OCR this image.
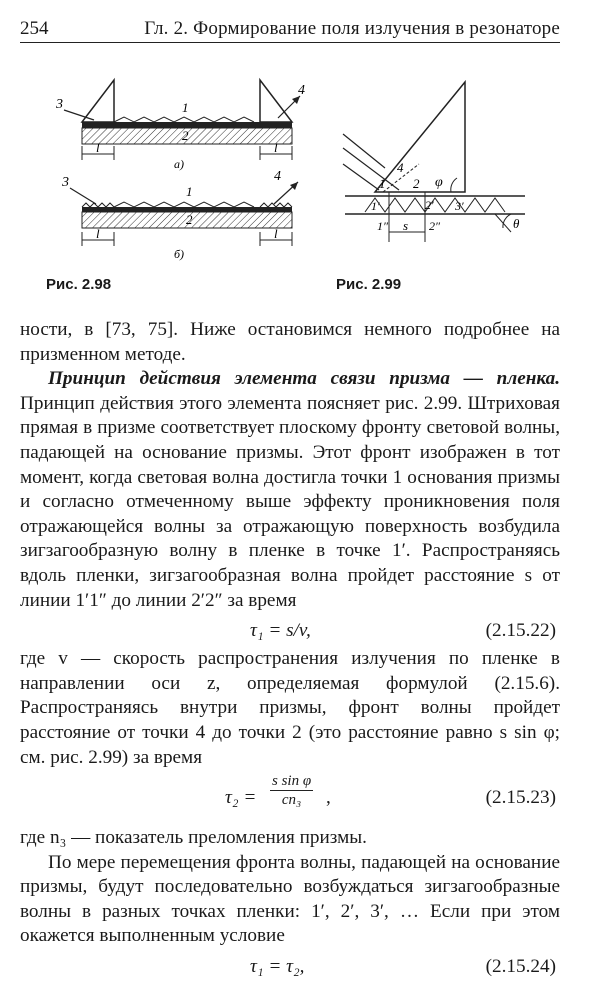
254	Гл. 2. Формирование поля излучения в резонаторе
3
4
1
2
l	l
а)
3	4
1
2
l	l
б)
Рис. 2.98
1 2
4
φ
1′	2′ 3′
1″	2″
s	θ
Рис. 2.99

ности, в [73, 75]. Ниже остановимся немного подробнее на призменном методе.

Принцип действия элемента связи призма — пленка. Принцип действия этого элемента поясняет рис. 2.99. Штриховая прямая в призме соответствует плоскому фронту световой волны, падающей на основание призмы. Этот фронт изображен в тот момент, когда световая волна достигла точки 1 основания призмы и согласно отмеченному выше эффекту проникновения поля отражающейся волны за отражающую поверхность возбудила зигзагообразную волну в пленке в точке 1′. Распространяясь вдоль пленки, зигзагообразная волна пройдет расстояние s от линии 1′1″ до линии 2′2″ за время

τ₁ = s/v,	(2.15.22)

где v — скорость распространения излучения по пленке в направлении оси z, определяемая формулой (2.15.6). Распространяясь внутри призмы, фронт волны пройдет расстояние от точки 4 до точки 2 (это расстояние равно s sin φ; см. рис. 2.99) за время

$\tau_2 = \frac{\text{s sin φ}}{\text{cn₃}}$ ,	(2.15.23)

где n₃ — показатель преломления призмы.

По мере перемещения фронта волны, падающей на основание призмы, будут последовательно возбуждаться зигзагообразные волны в разных точках пленки: 1′, 2′, 3′, … Если при этом окажется выполненным условие

τ₁ = τ₂,	(2.15.24)
